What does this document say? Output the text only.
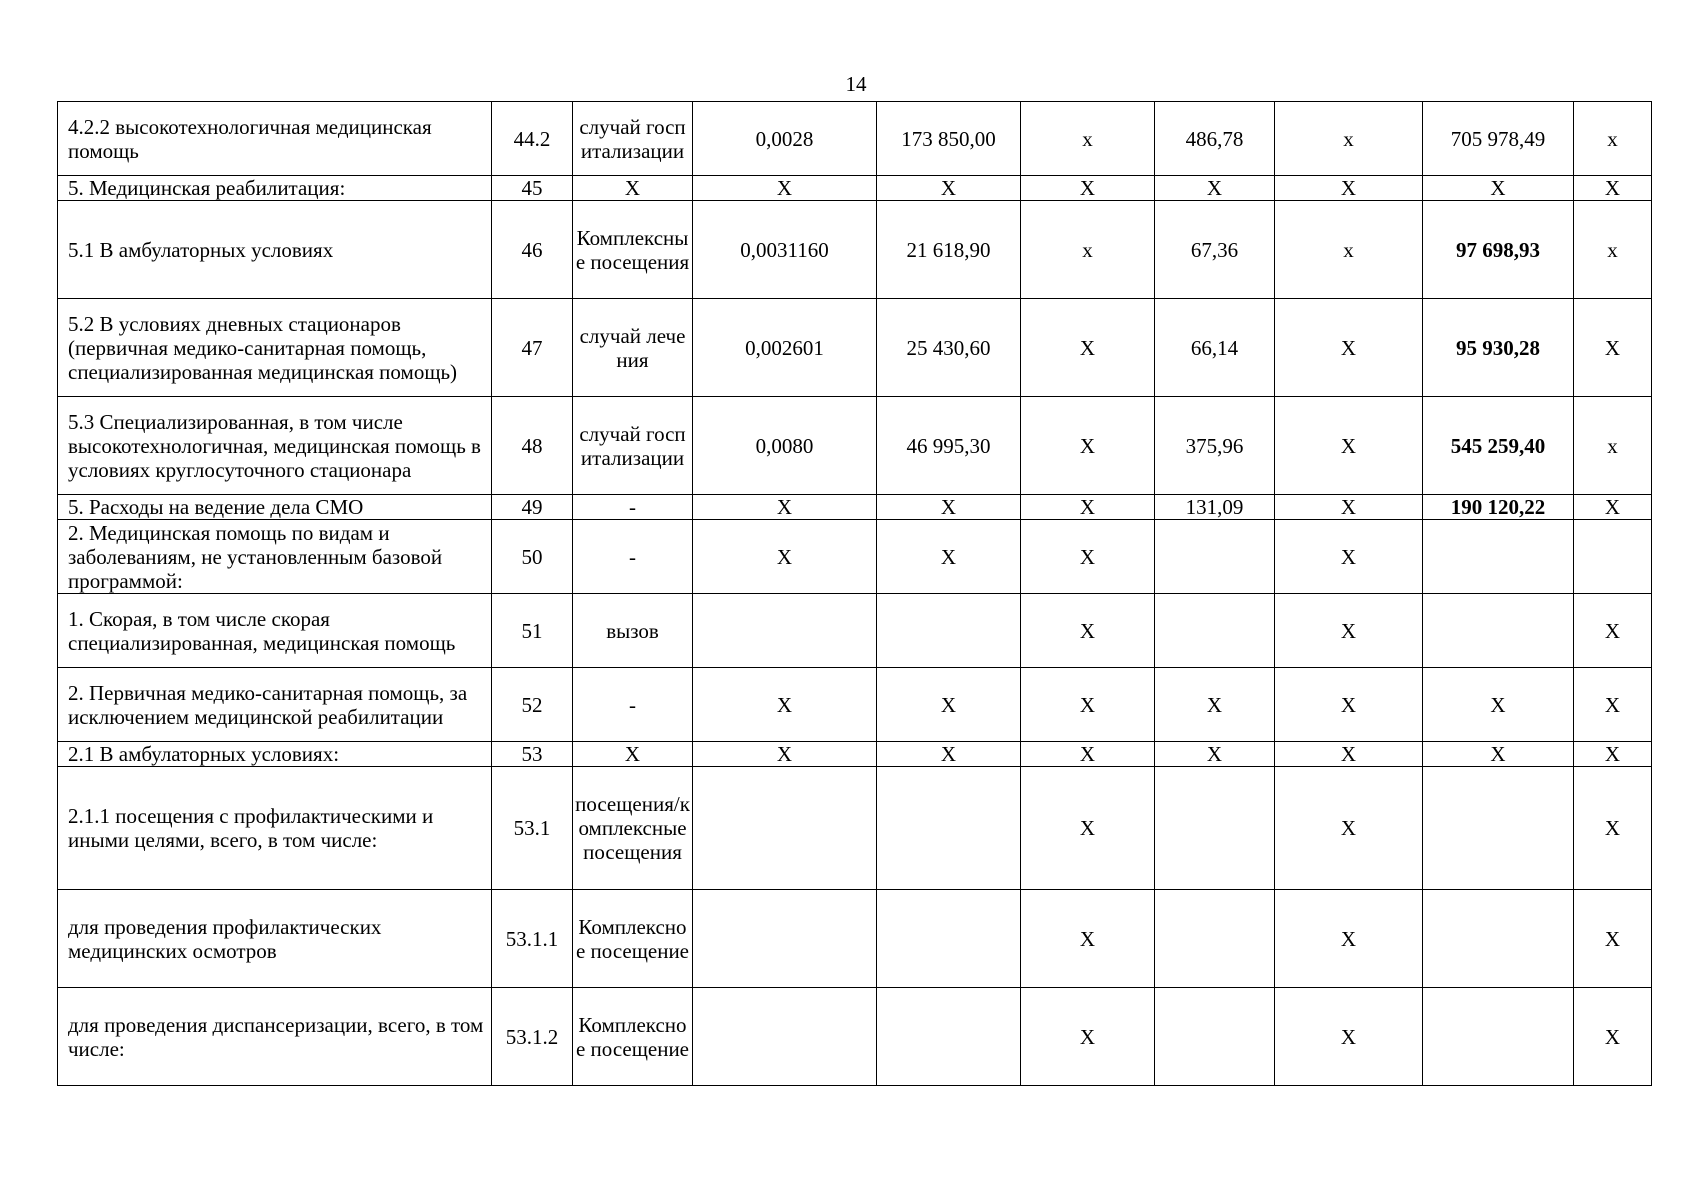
14
4.2.2 высокотехнологичная медицинская помощь	44.2	случай госпитализации	0,0028	173 850,00	х	486,78	х	705 978,49	х
5. Медицинская реабилитация:	45	X	X	X	X	X	X	X	X
5.1 В амбулаторных условиях	46	Комплексные посещения	0,0031160	21 618,90	х	67,36	х	97 698,93	х
5.2 В условиях дневных стационаров (первичная медико-санитарная помощь, специализированная медицинская помощь)	47	случай лечения	0,002601	25 430,60	X	66,14	X	95 930,28	X
5.3 Специализированная, в том числе высокотехнологичная, медицинская помощь в условиях круглосуточного стационара	48	случай госпитализации	0,0080	46 995,30	X	375,96	X	545 259,40	х
5. Расходы на ведение дела СМО	49	-	X	X	X	131,09	X	190 120,22	X
2. Медицинская помощь по видам и заболеваниям, не установленным базовой программой:	50	-	X	X	X		X		
1. Скорая, в том числе скорая специализированная, медицинская помощь	51	вызов			X		X		X
2. Первичная медико-санитарная помощь, за исключением медицинской реабилитации	52	-	X	X	X	X	X	X	X
2.1 В амбулаторных условиях:	53	X	X	X	X	X	X	X	X
2.1.1 посещения с профилактическими и иными целями, всего, в том числе:	53.1	посещения/комплексные посещения			X		X		X
для проведения профилактических медицинских осмотров	53.1.1	Комплексное посещение			X		X		X
для проведения диспансеризации, всего, в том числе:	53.1.2	Комплексное посещение			X		X		X
